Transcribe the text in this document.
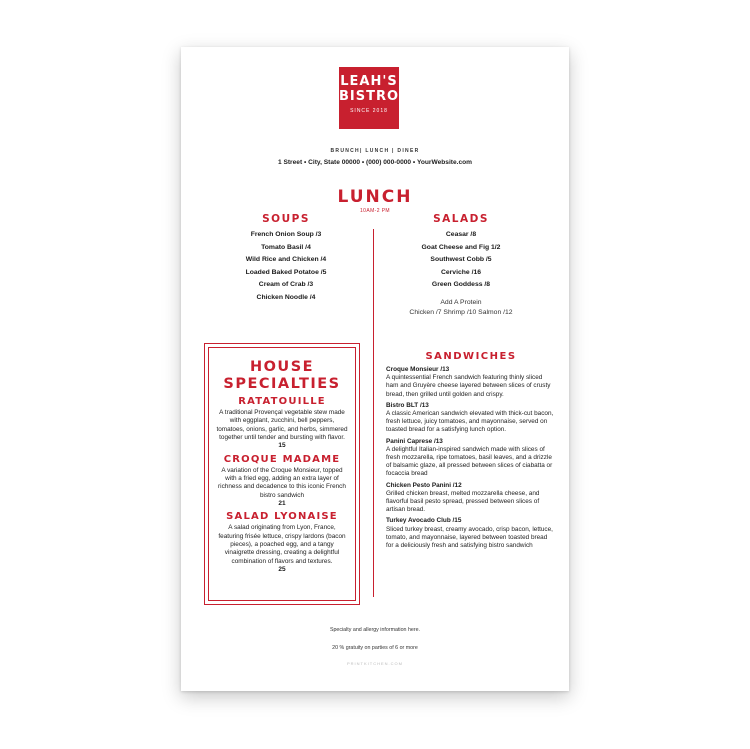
LEAH'S
BISTRO
SINCE 2018
BRUNCH| LUNCH | DINER
1 Street • City, State 00000 • (000) 000-0000 • YourWebsite.com
LUNCH
10AM-2 PM
SOUPS
French Onion Soup /3
Tomato Basil /4
Wild Rice and Chicken /4
Loaded Baked Potatoe /5
Cream of Crab /3
Chicken Noodle /4
SALADS
Ceasar /8
Goat Cheese and Fig 1/2
Southwest Cobb /5
Cerviche /16
Green Goddess /8
Add A Protein
Chicken /7 Shrimp /10 Salmon /12
HOUSE
SPECIALTIES
RATATOUILLE
A traditional Provençal vegetable stew made with eggplant, zucchini, bell peppers, tomatoes, onions, garlic, and herbs, simmered together until tender and bursting with flavor.
15
CROQUE MADAME
A variation of the Croque Monsieur, topped with a fried egg, adding an extra layer of richness and decadence to this iconic French bistro sandwich
21
SALAD LYONAISE
A salad originating from Lyon, France, featuring frisée lettuce, crispy lardons (bacon pieces), a poached egg, and a tangy vinaigrette dressing, creating a delightful combination of flavors and textures.
25
SANDWICHES
Croque Monsieur /13
A quintessential French sandwich featuring thinly sliced ham and Gruyère cheese layered between slices of crusty bread, then grilled until golden and crispy.
Bistro BLT /13
A classic American sandwich elevated with thick-cut bacon, fresh lettuce, juicy tomatoes, and mayonnaise, served on toasted bread for a satisfying lunch option.
Panini Caprese /13
A delightful Italian-inspired sandwich made with slices of fresh mozzarella, ripe tomatoes, basil leaves, and a drizzle of balsamic glaze, all pressed between slices of ciabatta or focaccia bread
Chicken Pesto Panini /12
Grilled chicken breast, melted mozzarella cheese, and flavorful basil pesto spread, pressed between slices of artisan bread.
Turkey Avocado Club /15
Sliced turkey breast, creamy avocado, crisp bacon, lettuce, tomato, and mayonnaise, layered between toasted bread for a deliciously fresh and satisfying bistro sandwich
Specialty and allergy information here.
20 % gratuity on parties of 6 or more
PRINTKITCHEN.COM
